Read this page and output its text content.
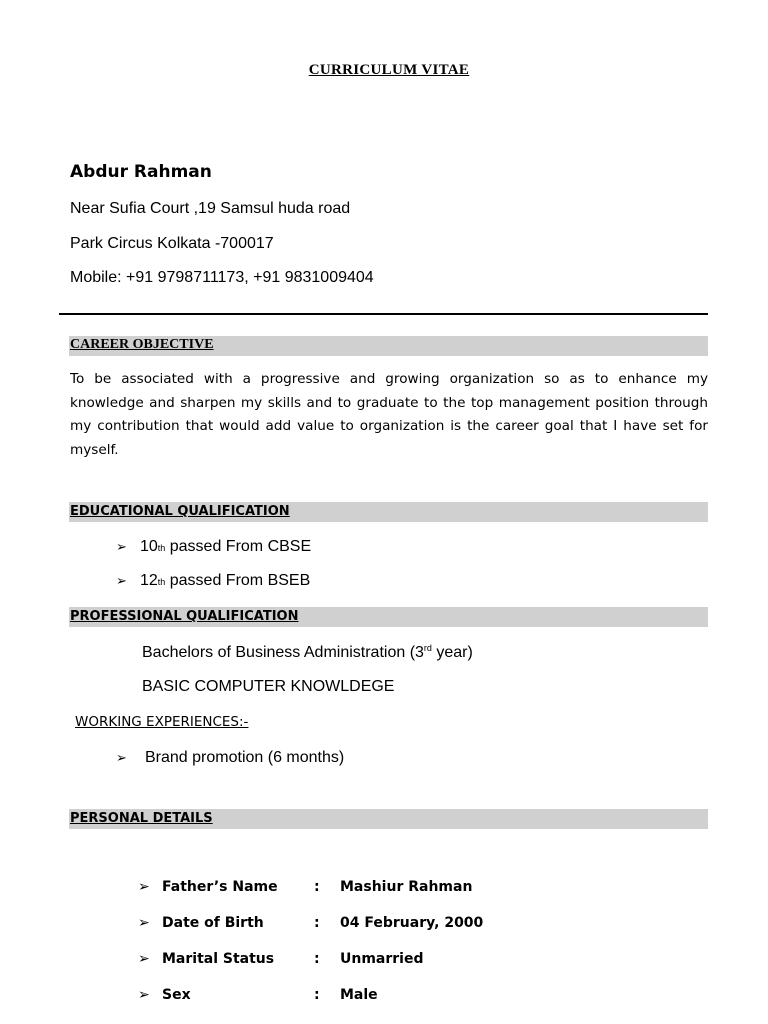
CURRICULUM VITAE
Abdur Rahman
Near Sufia Court ,19 Samsul huda road
Park Circus Kolkata -700017
Mobile: +91 9798711173, +91 9831009404
CAREER OBJECTIVE
To be associated with a progressive and growing organization so as to enhance my knowledge and sharpen my skills and to graduate to the top management position through my contribution that would add value to organization is the career goal that I have set for myself.
EDUCATIONAL QUALIFICATION
➢ 10 th passed From CBSE
➢ 12 th passed From BSEB
PROFESSIONAL QUALIFICATION
Bachelors of Business Administration (3rd year)
BASIC COMPUTER KNOWLDEGE
WORKING EXPERIENCES:-
➢	Brand promotion (6 months)
PERSONAL DETAILS
➢ Father’s Name	:	Mashiur Rahman
➢ Date of Birth	:	04 February, 2000
➢ Marital Status	:	Unmarried
➢ Sex	:	Male
